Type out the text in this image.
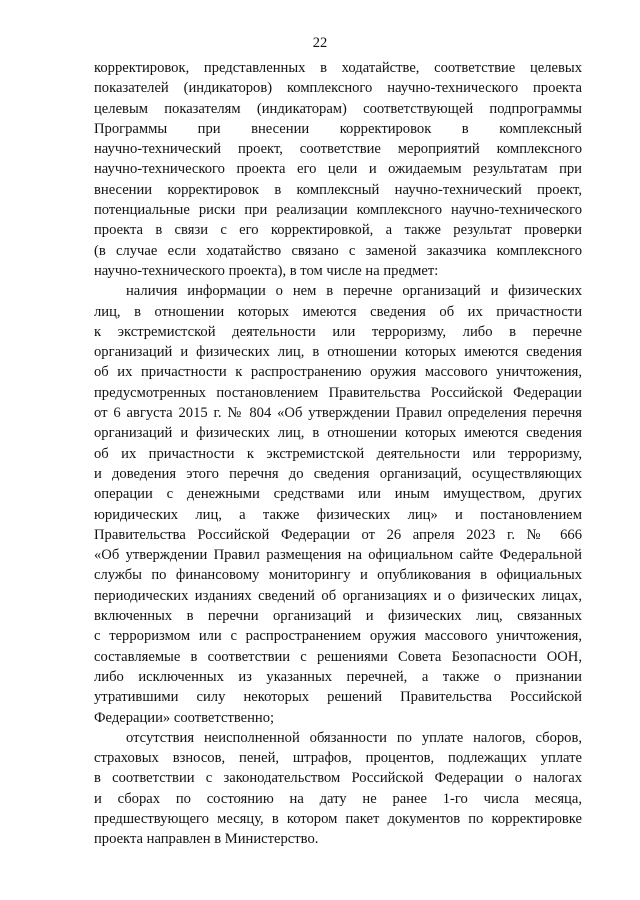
22
корректировок, представленных в ходатайстве, соответствие целевых
показателей (индикаторов) комплексного научно-технического проекта
целевым показателям (индикаторам) соответствующей подпрограммы
Программы при внесении корректировок в комплексный
научно-технический проект, соответствие мероприятий комплексного
научно-технического проекта его цели и ожидаемым результатам при
внесении корректировок в комплексный научно-технический проект,
потенциальные риски при реализации комплексного научно-технического
проекта в связи с его корректировкой, а также результат проверки
(в случае если ходатайство связано с заменой заказчика комплексного
научно-технического проекта), в том числе на предмет:
наличия информации о нем в перечне организаций и физических
лиц, в отношении которых имеются сведения об их причастности
к экстремистской деятельности или терроризму, либо в перечне
организаций и физических лиц, в отношении которых имеются сведения
об их причастности к распространению оружия массового уничтожения,
предусмотренных постановлением Правительства Российской Федерации
от 6 августа 2015 г. № 804 «Об утверждении Правил определения перечня
организаций и физических лиц, в отношении которых имеются сведения
об их причастности к экстремистской деятельности или терроризму,
и доведения этого перечня до сведения организаций, осуществляющих
операции с денежными средствами или иным имуществом, других
юридических лиц, а также физических лиц» и постановлением
Правительства Российской Федерации от 26 апреля 2023 г. № 666
«Об утверждении Правил размещения на официальном сайте Федеральной
службы по финансовому мониторингу и опубликования в официальных
периодических изданиях сведений об организациях и о физических лицах,
включенных в перечни организаций и физических лиц, связанных
с терроризмом или с распространением оружия массового уничтожения,
составляемые в соответствии с решениями Совета Безопасности ООН,
либо исключенных из указанных перечней, а также о признании
утратившими силу некоторых решений Правительства Российской
Федерации» соответственно;
отсутствия неисполненной обязанности по уплате налогов, сборов,
страховых взносов, пеней, штрафов, процентов, подлежащих уплате
в соответствии с законодательством Российской Федерации о налогах
и сборах по состоянию на дату не ранее 1-го числа месяца,
предшествующего месяцу, в котором пакет документов по корректировке
проекта направлен в Министерство.
